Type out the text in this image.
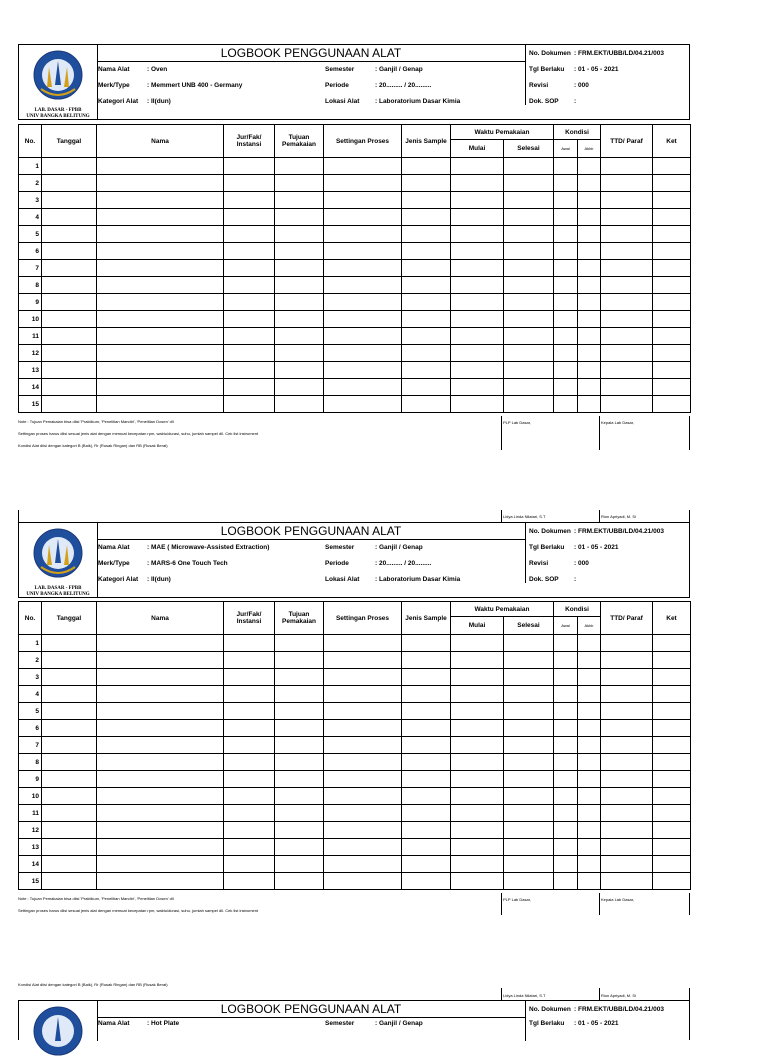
LAB. DASAR - FPBB
UNIV BANGKA BELITUNG
LOGBOOK PENGGUNAAN ALAT
Nama Alat	: Oven
Merk/Type	: Memmert UNB 400 - Germany
Kategori Alat : II(dun)
Semester	: Ganjil / Genap
Periode	: 20......... / 20.........
Lokasi Alat : Laboratorium Dasar Kimia
No. Dokumen : FRM.EKT/UBB/LD/04.21/003
Tgl Berlaku : 01 - 05 - 2021
Revisi	: 000
Dok. SOP :
No.	Tanggal	Nama	Jur/Fak/ Instansi	Tujuan Pemakaian	Settingan Proses	Jenis Sample	Waktu Pemakaian		Kondisi		TTD/ Paraf	Ket
							Mulai	Selesai	Awal	Akhir		
1												
2												
3												
4												
5												
6												
7												
8												
9												
10												
11												
12												
13												
14												
15												
Note : Tujuan Pemakaian bisa diisi 'Praktikum, 'Penelitian Mandiri', 'Penelitian Dosen' dll
Settingan proses harus diisi sesuai jenis alat dengan memuat kecepatan rpm, waktu/durasi, suhu, jumlah sampel dll. Cek list instrument
Kondisi Alat diisi dengan kategori B (Baik), Rr (Rusak Ringan) dan RB (Rusak Berat)
PLP Lab Dasar,	Kepala Lab Dasar,
Lidya Linda Nilatari, S.T	Rion Apriyadi, M. Si
LAB. DASAR - FPBB
UNIV BANGKA BELITUNG
LOGBOOK PENGGUNAAN ALAT
Nama Alat	: MAE ( Microwave-Assisted Extraction)
Merk/Type	: MARS-6 One Touch Tech
Kategori Alat : II(dun)
Semester	: Ganjil / Genap
Periode	: 20......... / 20.........
Lokasi Alat : Laboratorium Dasar Kimia
No. Dokumen : FRM.EKT/UBB/LD/04.21/003
Tgl Berlaku : 01 - 05 - 2021
Revisi	: 000
Dok. SOP :
No.	Tanggal	Nama	Jur/Fak/ Instansi	Tujuan Pemakaian	Settingan Proses	Jenis Sample	Waktu Pemakaian		Kondisi		TTD/ Paraf	Ket
							Mulai	Selesai	Awal	Akhir		
1												
2												
3												
4												
5												
6												
7												
8												
9												
10												
11												
12												
13												
14												
15												
Note : Tujuan Pemakaian bisa diisi 'Praktikum, 'Penelitian Mandiri', 'Penelitian Dosen' dll
Settingan proses harus diisi sesuai jenis alat dengan memuat kecepatan rpm, waktu/durasi, suhu, jumlah sampel dll. Cek list instrument
PLP Lab Dasar,	Kepala Lab Dasar,
Kondisi Alat diisi dengan kategori B (Baik), Rr (Rusak Ringan) dan RB (Rusak Berat)
Lidya Linda Nilatari, S.T	Rion Apriyadi, M. Si
LOGBOOK PENGGUNAAN ALAT
Nama Alat	: Hot Plate	Semester	: Ganjil / Genap
No. Dokumen : FRM.EKT/UBB/LD/04.21/003
Tgl Berlaku : 01 - 05 - 2021
